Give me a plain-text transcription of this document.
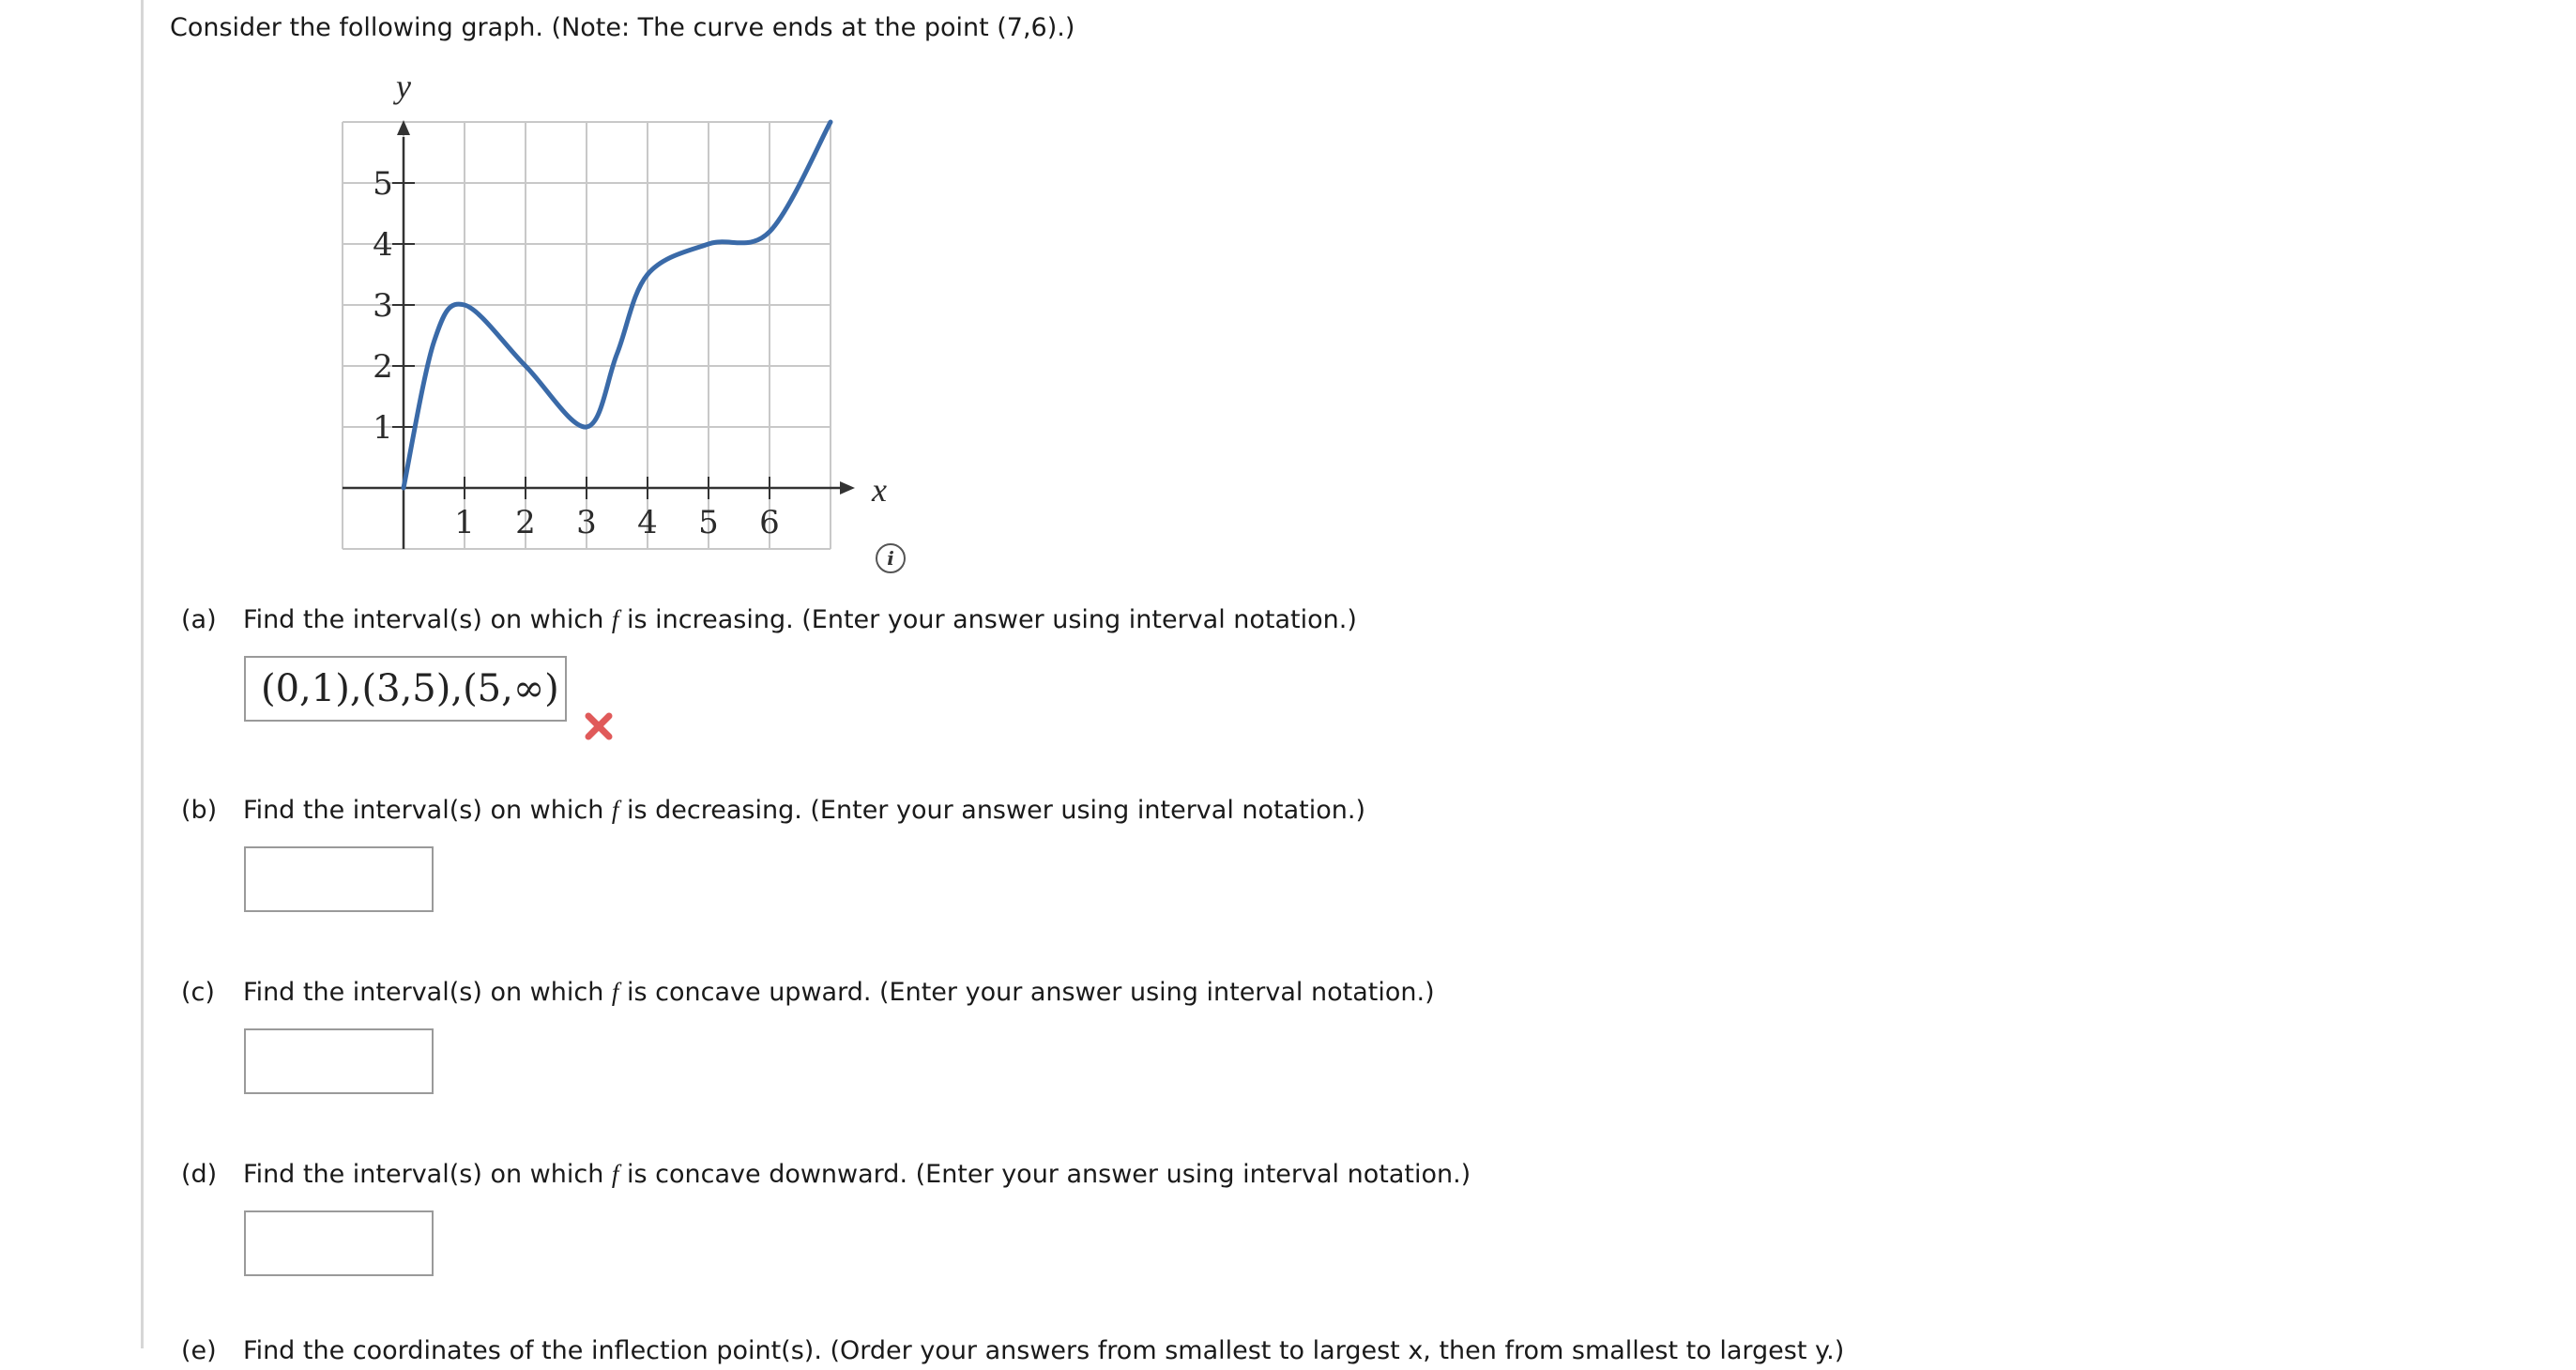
Consider the following graph. (Note: The curve ends at the point (7,6).)
1 2 3 4 5 6
1
2
3
4
5
x
y
i
(a) Find the interval(s) on which f is increasing. (Enter your answer using interval notation.)
(0,1),(3,5),(5,∞)
(b) Find the interval(s) on which f is decreasing. (Enter your answer using interval notation.)
(c) Find the interval(s) on which f is concave upward. (Enter your answer using interval notation.)
(d) Find the interval(s) on which f is concave downward. (Enter your answer using interval notation.)
(e) Find the coordinates of the inflection point(s). (Order your answers from smallest to largest x, then from smallest to largest y.)
